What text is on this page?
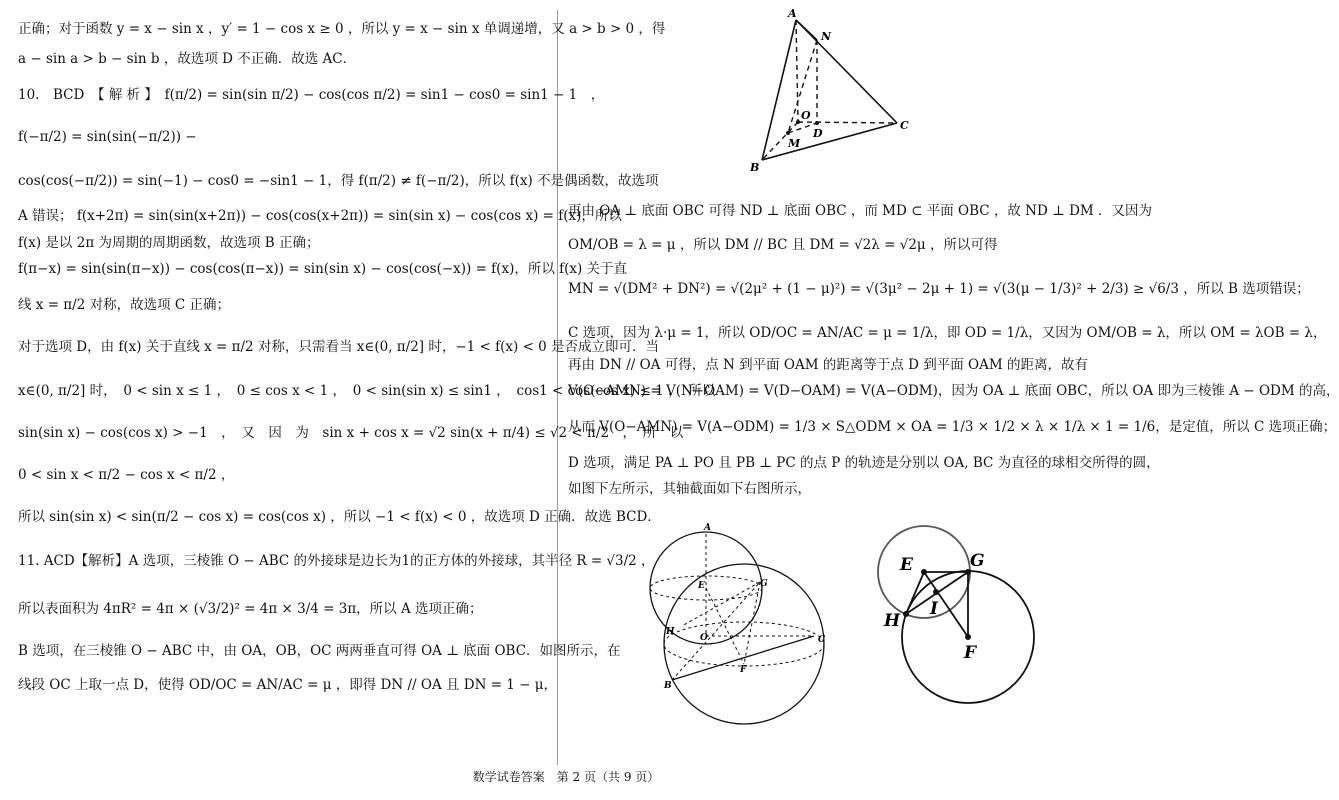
正确；对于函数 y = x − sin x ，y′ = 1 − cos x ≥ 0 ，所以 y = x − sin x 单调递增，又 a > b > 0 ，得
a − sin a > b − sin b ，故选项 D 不正确．故选 AC．
10.　BCD　【 解 析 】　f(π/2) = sin(sin π/2) − cos(cos π/2) = sin1 − cos0 = sin1 − 1　，
f(−π/2) = sin(sin(−π/2)) −
cos(cos(−π/2)) = sin(−1) − cos0 = −sin1 − 1，得 f(π/2) ≠ f(−π/2)，所以 f(x) 不是偶函数，故选项
A 错误； f(x+2π) = sin(sin(x+2π)) − cos(cos(x+2π)) = sin(sin x) − cos(cos x) = f(x)，所以
f(x) 是以 2π 为周期的周期函数，故选项 B 正确；
f(π−x) = sin(sin(π−x)) − cos(cos(π−x)) = sin(sin x) − cos(cos(−x)) = f(x)，所以 f(x) 关于直
线 x = π/2 对称，故选项 C 正确；
对于选项 D，由 f(x) 关于直线 x = π/2 对称，只需看当 x∈(0, π/2] 时，−1 < f(x) < 0 是否成立即可．当
x∈(0, π/2] 时，　0 < sin x ≤ 1 ，　0 ≤ cos x < 1 ，　0 < sin(sin x) ≤ sin1 ，　cos1 < cos(cos x) ≤ 1 ，　所以
sin(sin x) − cos(cos x) > −1　，　又　因　为　sin x + cos x = √2 sin(x + π/4) ≤ √2 < π/2　，　所　以
0 < sin x < π/2 − cos x < π/2 ，
所以 sin(sin x) < sin(π/2 − cos x) = cos(cos x) ，所以 −1 < f(x) < 0 ，故选项 D 正确．故选 BCD．
11. ACD【解析】A 选项，三棱锥 O − ABC 的外接球是边长为1的正方体的外接球，其半径 R = √3/2 ，
所以表面积为 4πR² = 4π × (√3/2)² = 4π × 3/4 = 3π，所以 A 选项正确；
B 选项，在三棱锥 O − ABC 中，由 OA，OB，OC 两两垂直可得 OA ⊥ 底面 OBC．如图所示，在
线段 OC 上取一点 D，使得 OD/OC = AN/AC = μ ，即得 DN // OA 且 DN = 1 − μ，
再由 OA ⊥ 底面 OBC 可得 ND ⊥ 底面 OBC ，而 MD ⊂ 平面 OBC ，故 ND ⊥ DM ．又因为
OM/OB = λ = μ ，所以 DM // BC 且 DM = √2λ = √2μ ，所以可得
MN = √(DM² + DN²) = √(2μ² + (1 − μ)²) = √(3μ² − 2μ + 1) = √(3(μ − 1/3)² + 2/3) ≥ √6/3 ，所以 B 选项错误；
C 选项，因为 λ·μ = 1，所以 OD/OC = AN/AC = μ = 1/λ，即 OD = 1/λ，又因为 OM/OB = λ，所以 OM = λOB = λ，
再由 DN // OA 可得，点 N 到平面 OAM 的距离等于点 D 到平面 OAM 的距离，故有
V(O−AMN) = V(N−OAM) = V(D−OAM) = V(A−ODM)，因为 OA ⊥ 底面 OBC，所以 OA 即为三棱锥 A − ODM 的高，
从而 V(O−AMN) = V(A−ODM) = 1/3 × S△ODM × OA = 1/3 × 1/2 × λ × 1/λ × 1 = 1/6，是定值，所以 C 选项正确；
D 选项，满足 PA ⊥ PO 且 PB ⊥ PC 的点 P 的轨迹是分别以 OA, BC 为直径的球相交所得的圆，
如图下左所示，其轴截面如下右图所示，
A
N
O
D
M
B
C
A
E	G
H
O	C
F
B
E	G
H
I
F
数学试卷答案　第 2 页（共 9 页）
